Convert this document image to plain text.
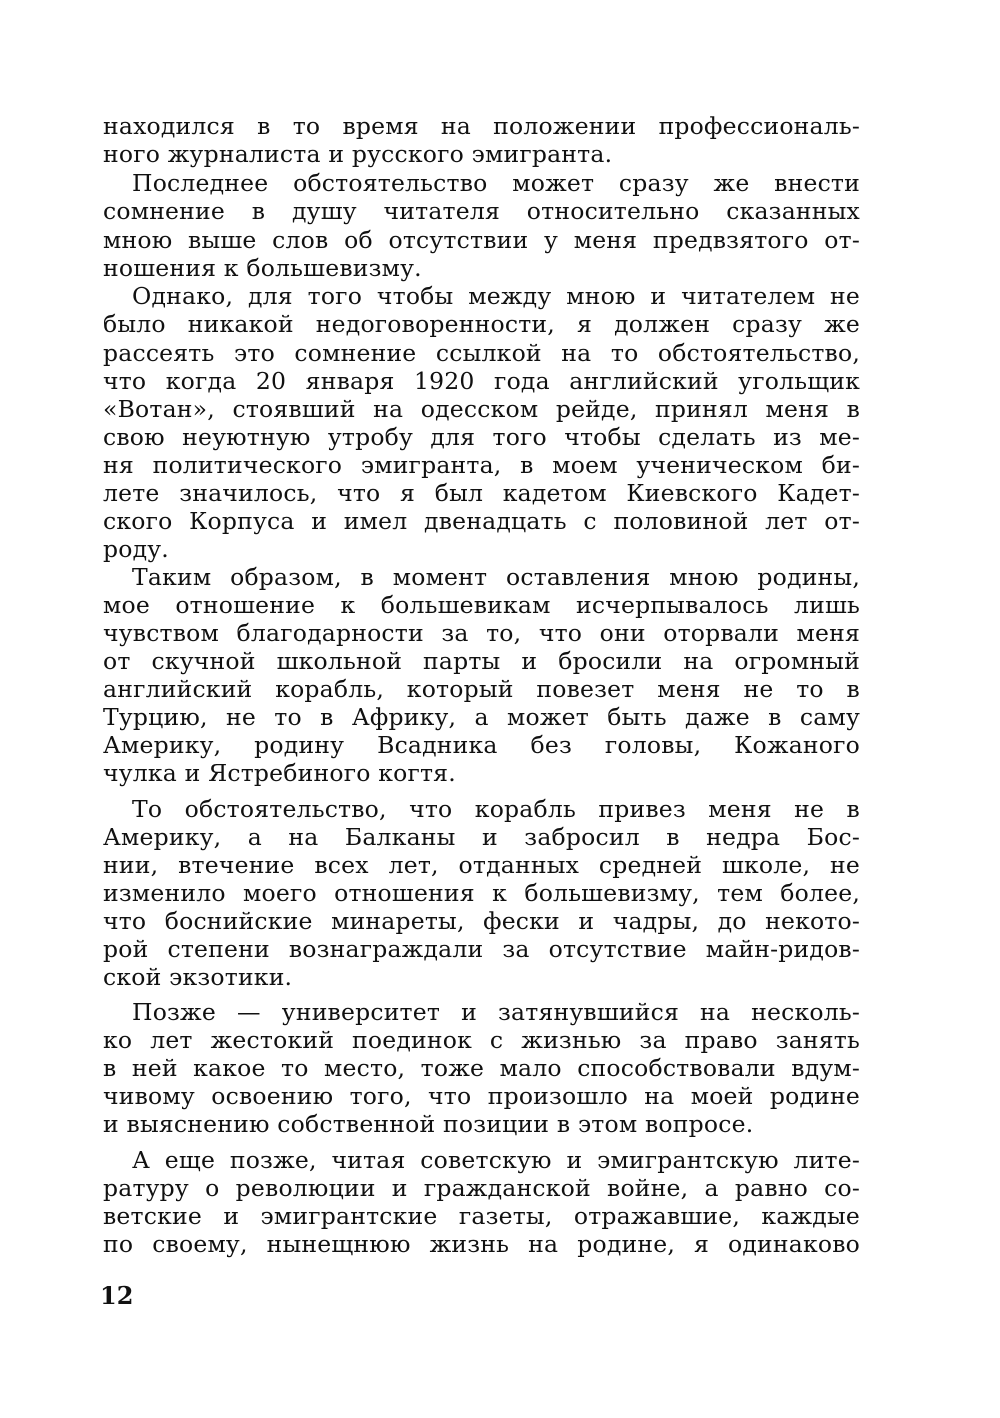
находился в то время на положении профессиональ-
ного журналиста и русского эмигранта.
Последнее обстоятельство может сразу же внести
сомнение в душу читателя относительно сказанных
мною выше слов об отсутствии у меня предвзятого от-
ношения к большевизму.
Однако, для того чтобы между мною и читателем не
было никакой недоговоренности, я должен сразу же
рассеять это сомнение ссылкой на то обстоятельство,
что когда 20 января 1920 года английский угольщик
«Вотан», стоявший на одесском рейде, принял меня в
свою неуютную утробу для того чтобы сделать из ме-
ня политического эмигранта, в моем ученическом би-
лете значилось, что я был кадетом Киевского Кадет-
ского Корпуса и имел двенадцать с половиной лет от-
роду.
Таким образом, в момент оставления мною родины,
мое отношение к большевикам исчерпывалось лишь
чувством благодарности за то, что они оторвали меня
от скучной школьной парты и бросили на огромный
английский корабль, который повезет меня не то в
Турцию, не то в Африку, а может быть даже в саму
Америку, родину Всадника без головы, Кожаного
чулка и Ястребиного когтя.
То обстоятельство, что корабль привез меня не в
Америку, а на Балканы и забросил в недра Бос-
нии, втечение всех лет, отданных средней школе, не
изменило моего отношения к большевизму, тем более,
что боснийские минареты, фески и чадры, до некото-
рой степени вознаграждали за отсутствие майн-ридов-
ской экзотики.
Позже — университет и затянувшийся на несколь-
ко лет жестокий поединок с жизнью за право занять
в ней какое то место, тоже мало способствовали вдум-
чивому освоению того, что произошло на моей родине
и выяснению собственной позиции в этом вопросе.
А еще позже, читая советскую и эмигрантскую лите-
ратуру о революции и гражданской войне, а равно со-
ветские и эмигрантские газеты, отражавшие, каждые
по своему, нынещнюю жизнь на родине, я одинаково
12
